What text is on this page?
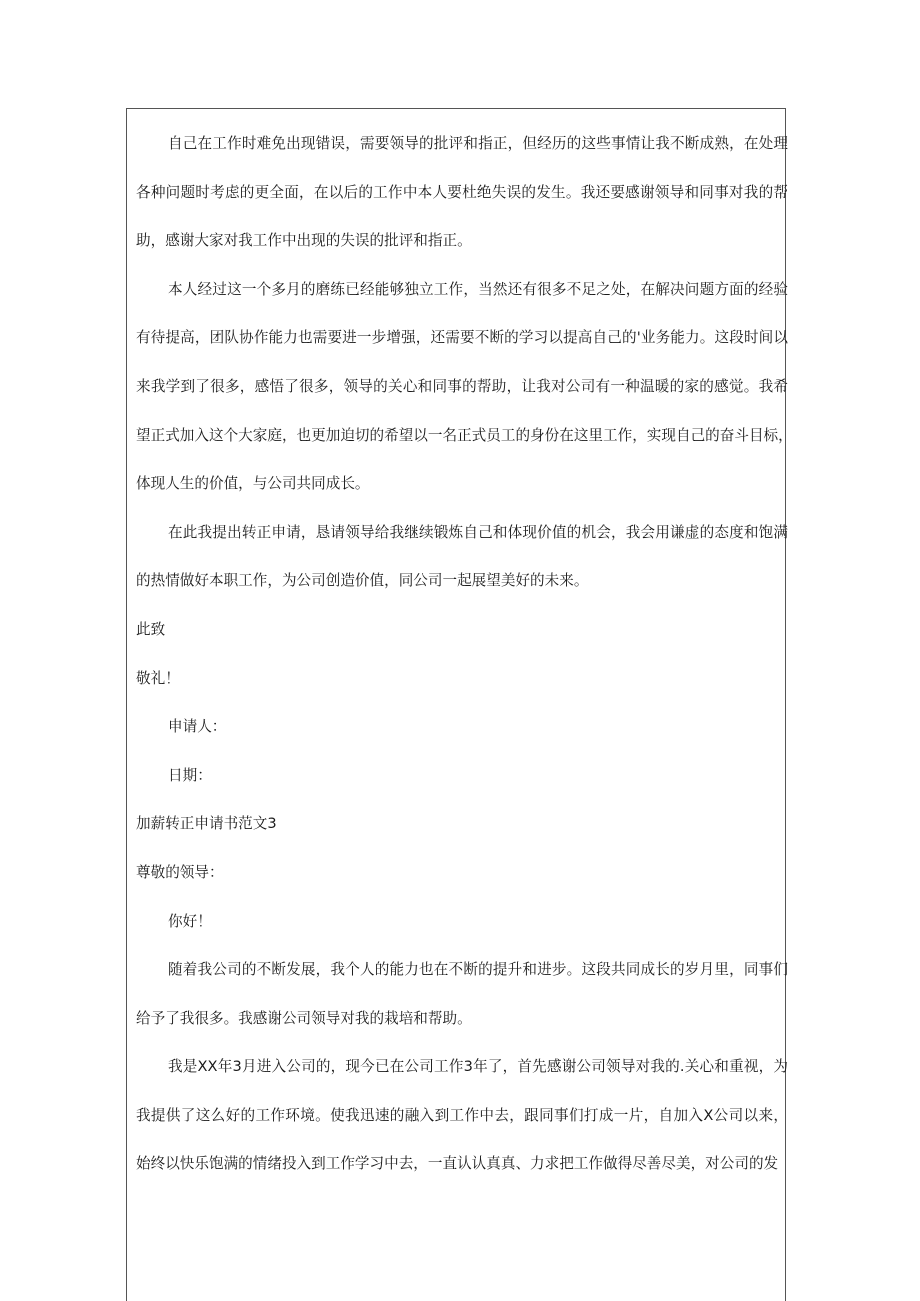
自己在工作时难免出现错误，需要领导的批评和指正，但经历的这些事情让我不断成熟，在处理
各种问题时考虑的更全面，在以后的工作中本人要杜绝失误的发生。我还要感谢领导和同事对我的帮
助，感谢大家对我工作中出现的失误的批评和指正。
本人经过这一个多月的磨练已经能够独立工作，当然还有很多不足之处，在解决问题方面的经验
有待提高，团队协作能力也需要进一步增强，还需要不断的学习以提高自己的'业务能力。这段时间以
来我学到了很多，感悟了很多，领导的关心和同事的帮助，让我对公司有一种温暖的家的感觉。我希
望正式加入这个大家庭，也更加迫切的希望以一名正式员工的身份在这里工作，实现自己的奋斗目标，
体现人生的价值，与公司共同成长。
在此我提出转正申请，恳请领导给我继续锻炼自己和体现价值的机会，我会用谦虚的态度和饱满
的热情做好本职工作，为公司创造价值，同公司一起展望美好的未来。
此致
敬礼！
申请人：
日期：
加薪转正申请书范文3
尊敬的领导：
你好！
随着我公司的不断发展，我个人的能力也在不断的提升和进步。这段共同成长的岁月里，同事们
给予了我很多。我感谢公司领导对我的栽培和帮助。
我是XX年3月进入公司的，现今已在公司工作3年了，首先感谢公司领导对我的.关心和重视，为
我提供了这么好的工作环境。使我迅速的融入到工作中去，跟同事们打成一片，自加入X公司以来，
始终以快乐饱满的情绪投入到工作学习中去，一直认认真真、力求把工作做得尽善尽美，对公司的发
